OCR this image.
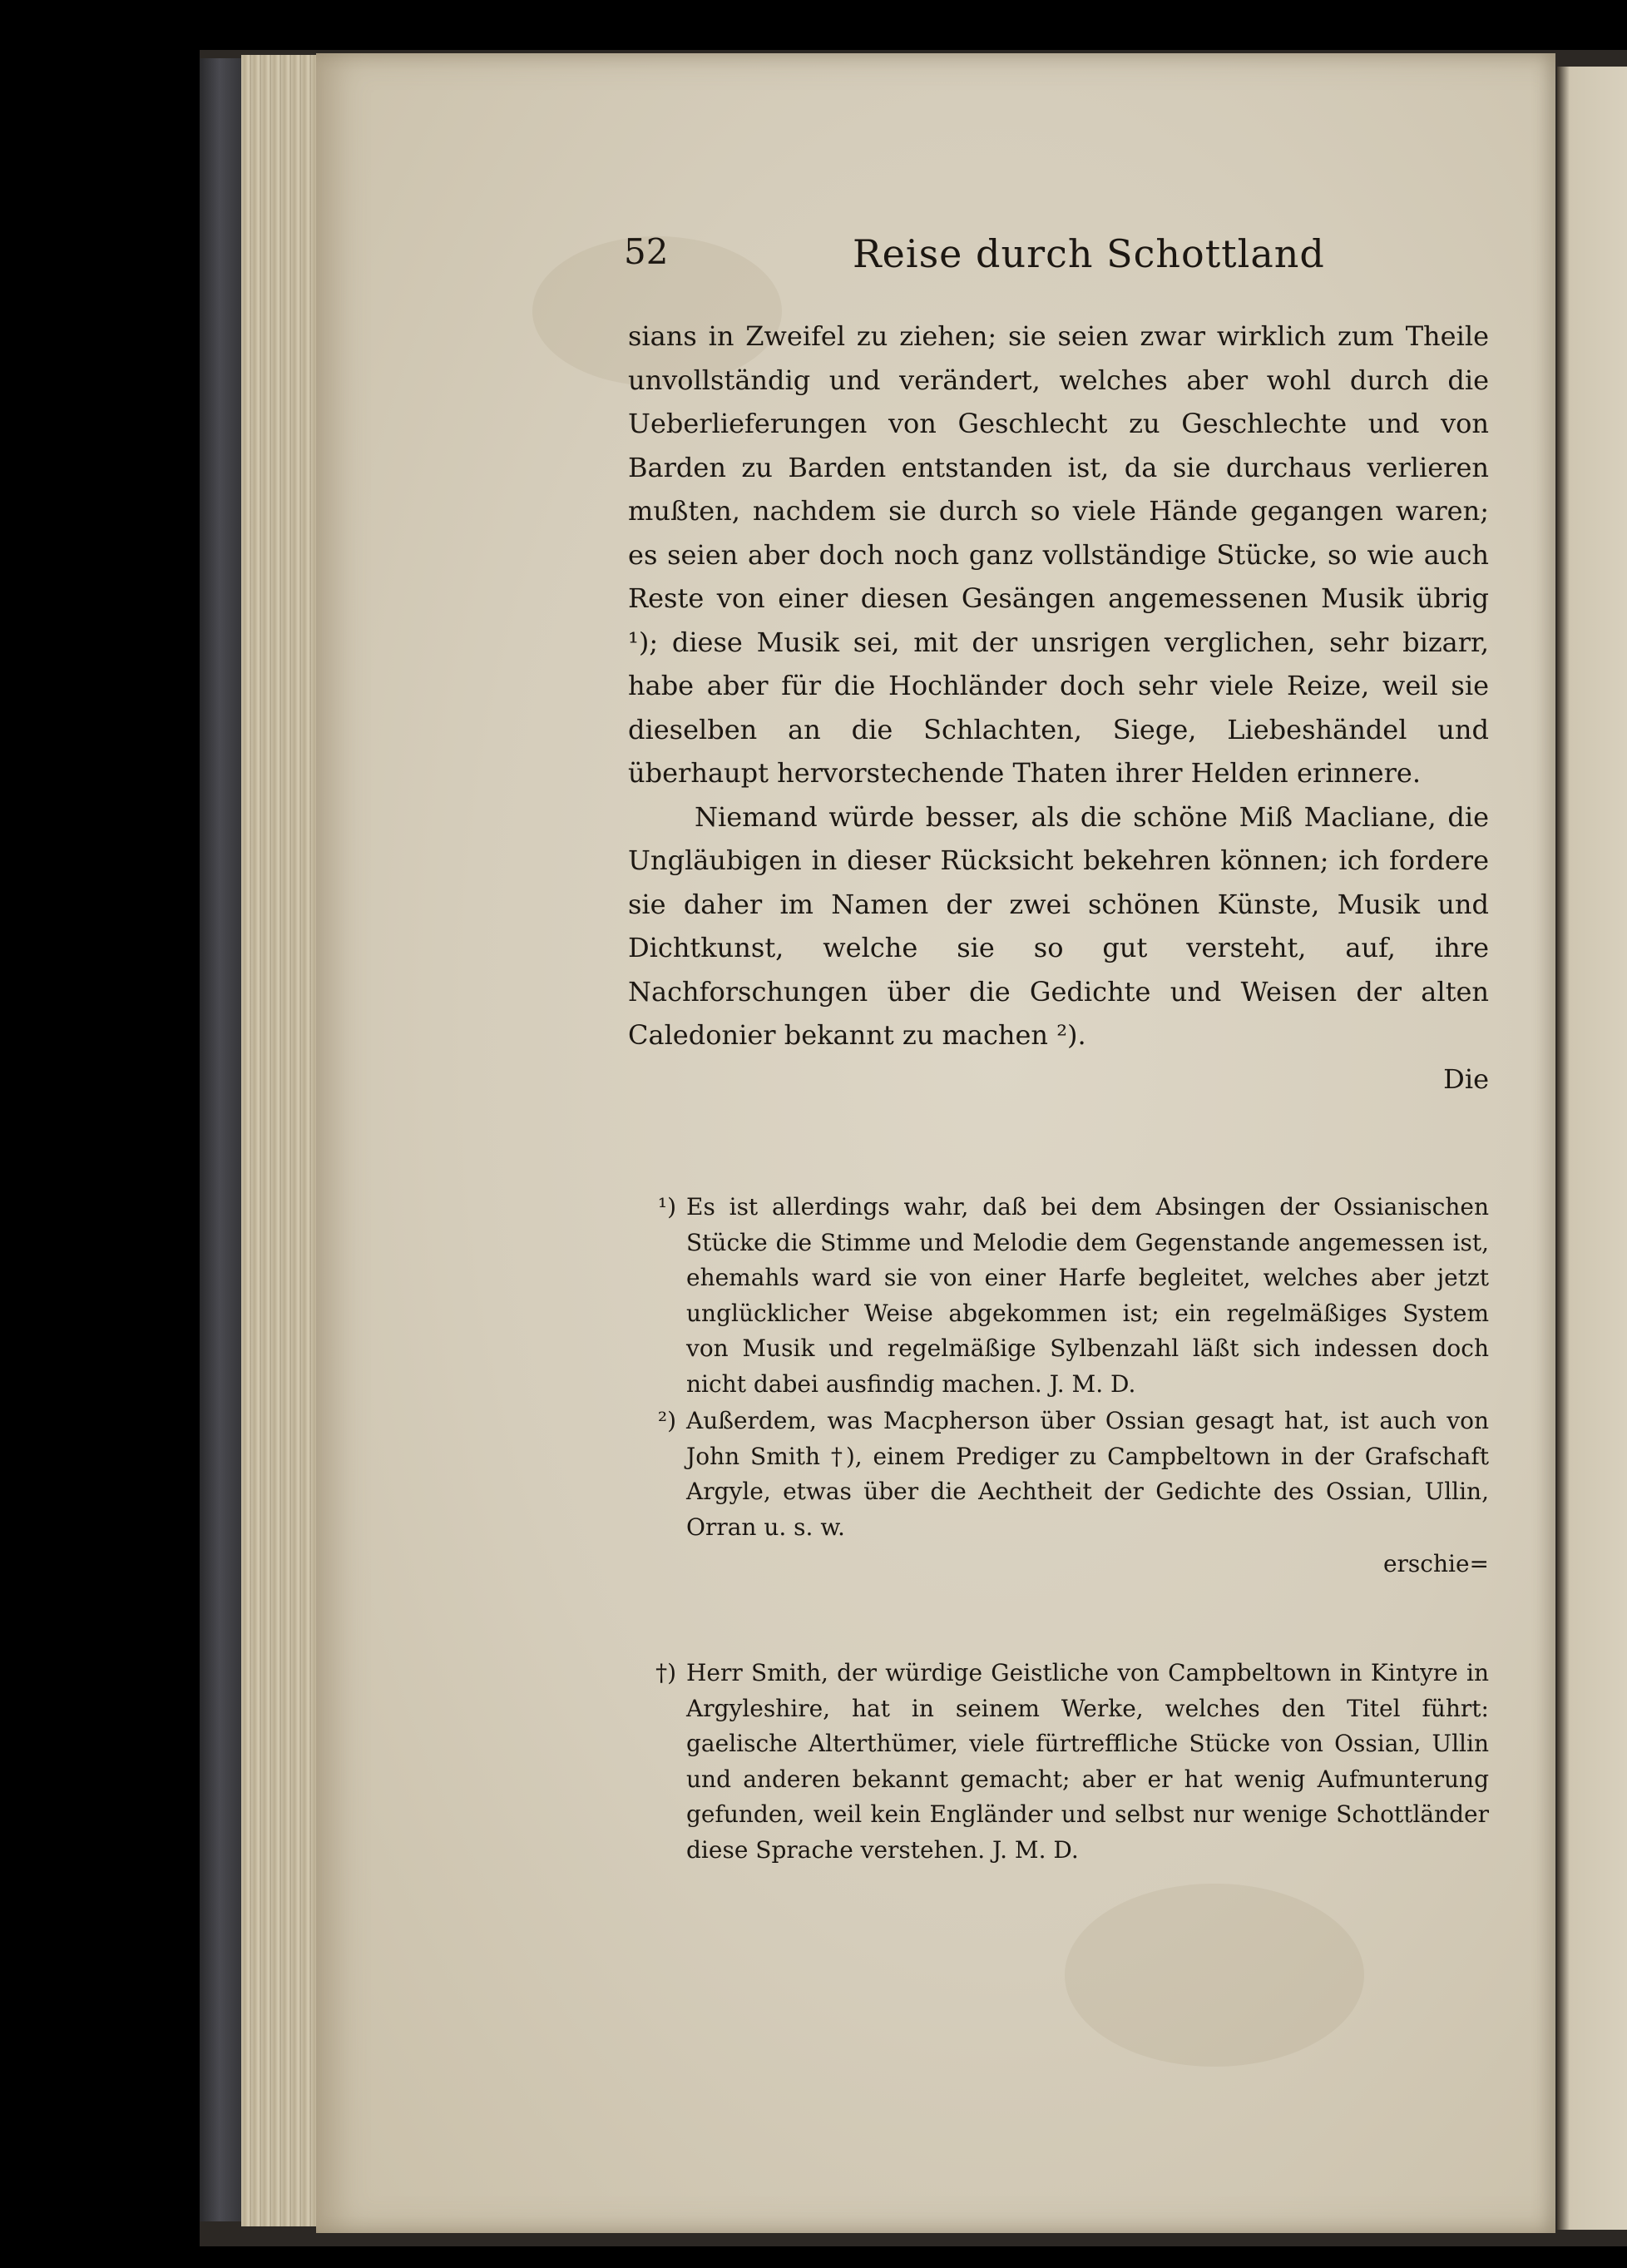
52	Reise durch Schottland

sians in Zweifel zu ziehen; sie seien zwar wirklich zum Theile unvollständig und verändert, welches aber wohl durch die Ueberlieferungen von Geschlecht zu Geschlechte und von Barden zu Barden entstanden ist, da sie durchaus verlieren mußten, nachdem sie durch so viele Hände gegangen waren; es seien aber doch noch ganz vollständige Stücke, so wie auch Reste von einer diesen Gesängen angemessenen Musik übrig ¹); diese Musik sei, mit der unsrigen verglichen, sehr bizarr, habe aber für die Hochländer doch sehr viele Reize, weil sie dieselben an die Schlachten, Siege, Liebeshändel und überhaupt hervorstechende Thaten ihrer Helden erinnere.

Niemand würde besser, als die schöne Miß Macliane, die Ungläubigen in dieser Rücksicht bekehren können; ich fordere sie daher im Namen der zwei schönen Künste, Musik und Dichtkunst, welche sie so gut versteht, auf, ihre Nachforschungen über die Gedichte und Weisen der alten Caledonier bekannt zu machen ²).

Die

¹) Es ist allerdings wahr, daß bei dem Absingen der Ossianischen Stücke die Stimme und Melodie dem Gegenstande angemessen ist, ehemahls ward sie von einer Harfe begleitet, welches aber jetzt unglücklicher Weise abgekommen ist; ein regelmäßiges System von Musik und regelmäßige Sylbenzahl läßt sich indessen doch nicht dabei ausfindig machen. J. M. D.
²) Außerdem, was Macpherson über Ossian gesagt hat, ist auch von John Smith †), einem Prediger zu Campbeltown in der Grafschaft Argyle, etwas über die Aechtheit der Gedichte des Ossian, Ullin, Orran u. s. w.
erschie=
†) Herr Smith, der würdige Geistliche von Campbeltown in Kintyre in Argyleshire, hat in seinem Werke, welches den Titel führt: gaelische Alterthümer, viele fürtreffliche Stücke von Ossian, Ullin und anderen bekannt gemacht; aber er hat wenig Aufmunterung gefunden, weil kein Engländer und selbst nur wenige Schottländer diese Sprache verstehen. J. M. D.
